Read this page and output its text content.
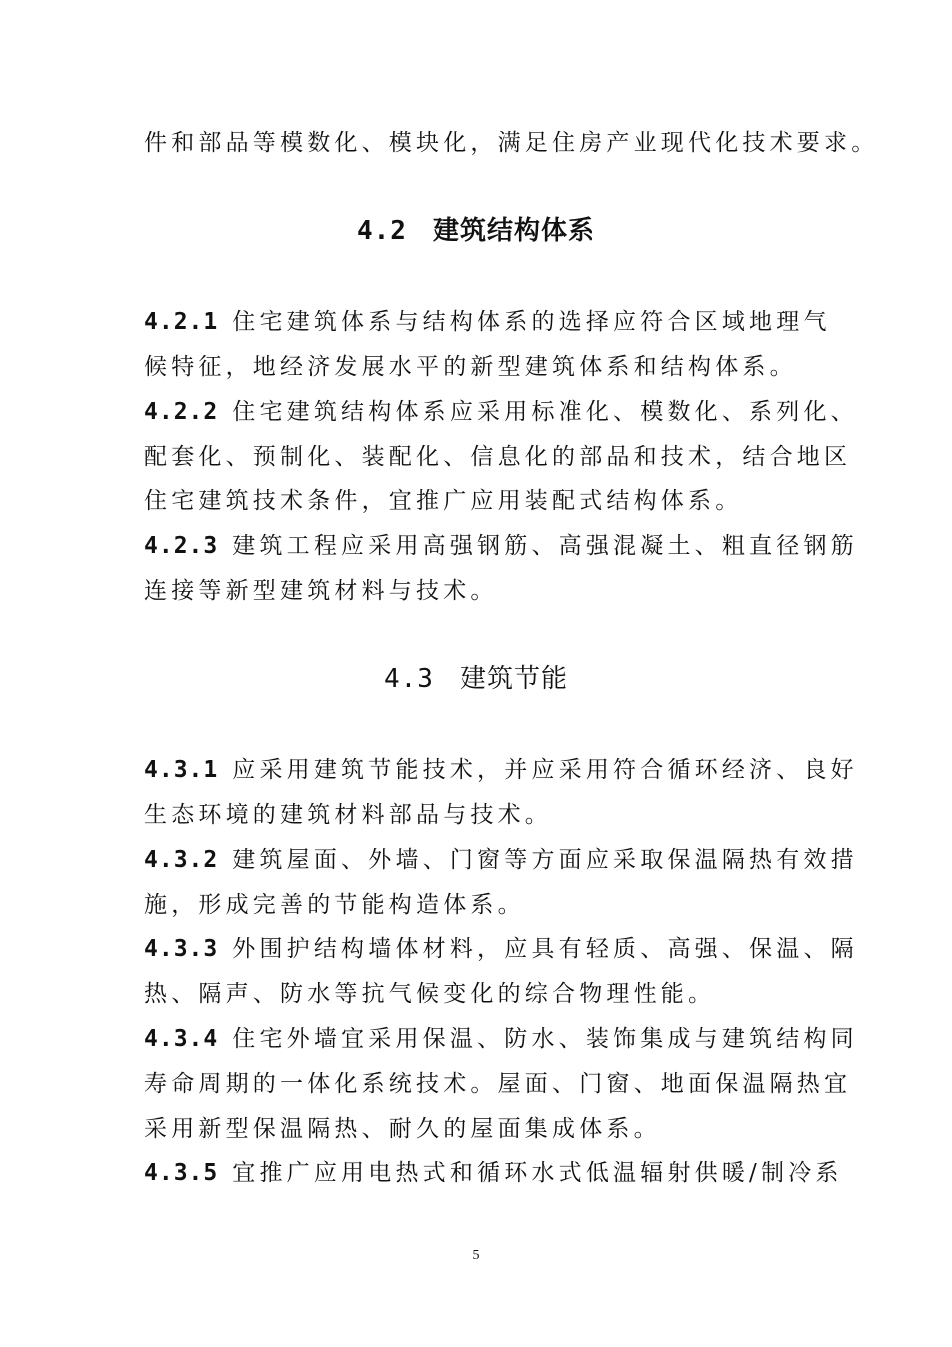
件和部品等模数化、模块化，满足住房产业现代化技术要求。
4.2 建筑结构体系
4.2.1 住宅建筑体系与结构体系的选择应符合区域地理气
候特征，地经济发展水平的新型建筑体系和结构体系。
4.2.2 住宅建筑结构体系应采用标准化、模数化、系列化、
配套化、预制化、装配化、信息化的部品和技术，结合地区
住宅建筑技术条件，宜推广应用装配式结构体系。
4.2.3 建筑工程应采用高强钢筋、高强混凝土、粗直径钢筋
连接等新型建筑材料与技术。
4.3 建筑节能
4.3.1 应采用建筑节能技术，并应采用符合循环经济、良好
生态环境的建筑材料部品与技术。
4.3.2 建筑屋面、外墙、门窗等方面应采取保温隔热有效措
施，形成完善的节能构造体系。
4.3.3 外围护结构墙体材料，应具有轻质、高强、保温、隔
热、隔声、防水等抗气候变化的综合物理性能。
4.3.4 住宅外墙宜采用保温、防水、装饰集成与建筑结构同
寿命周期的一体化系统技术。屋面、门窗、地面保温隔热宜
采用新型保温隔热、耐久的屋面集成体系。
4.3.5 宜推广应用电热式和循环水式低温辐射供暖/制冷系
5
